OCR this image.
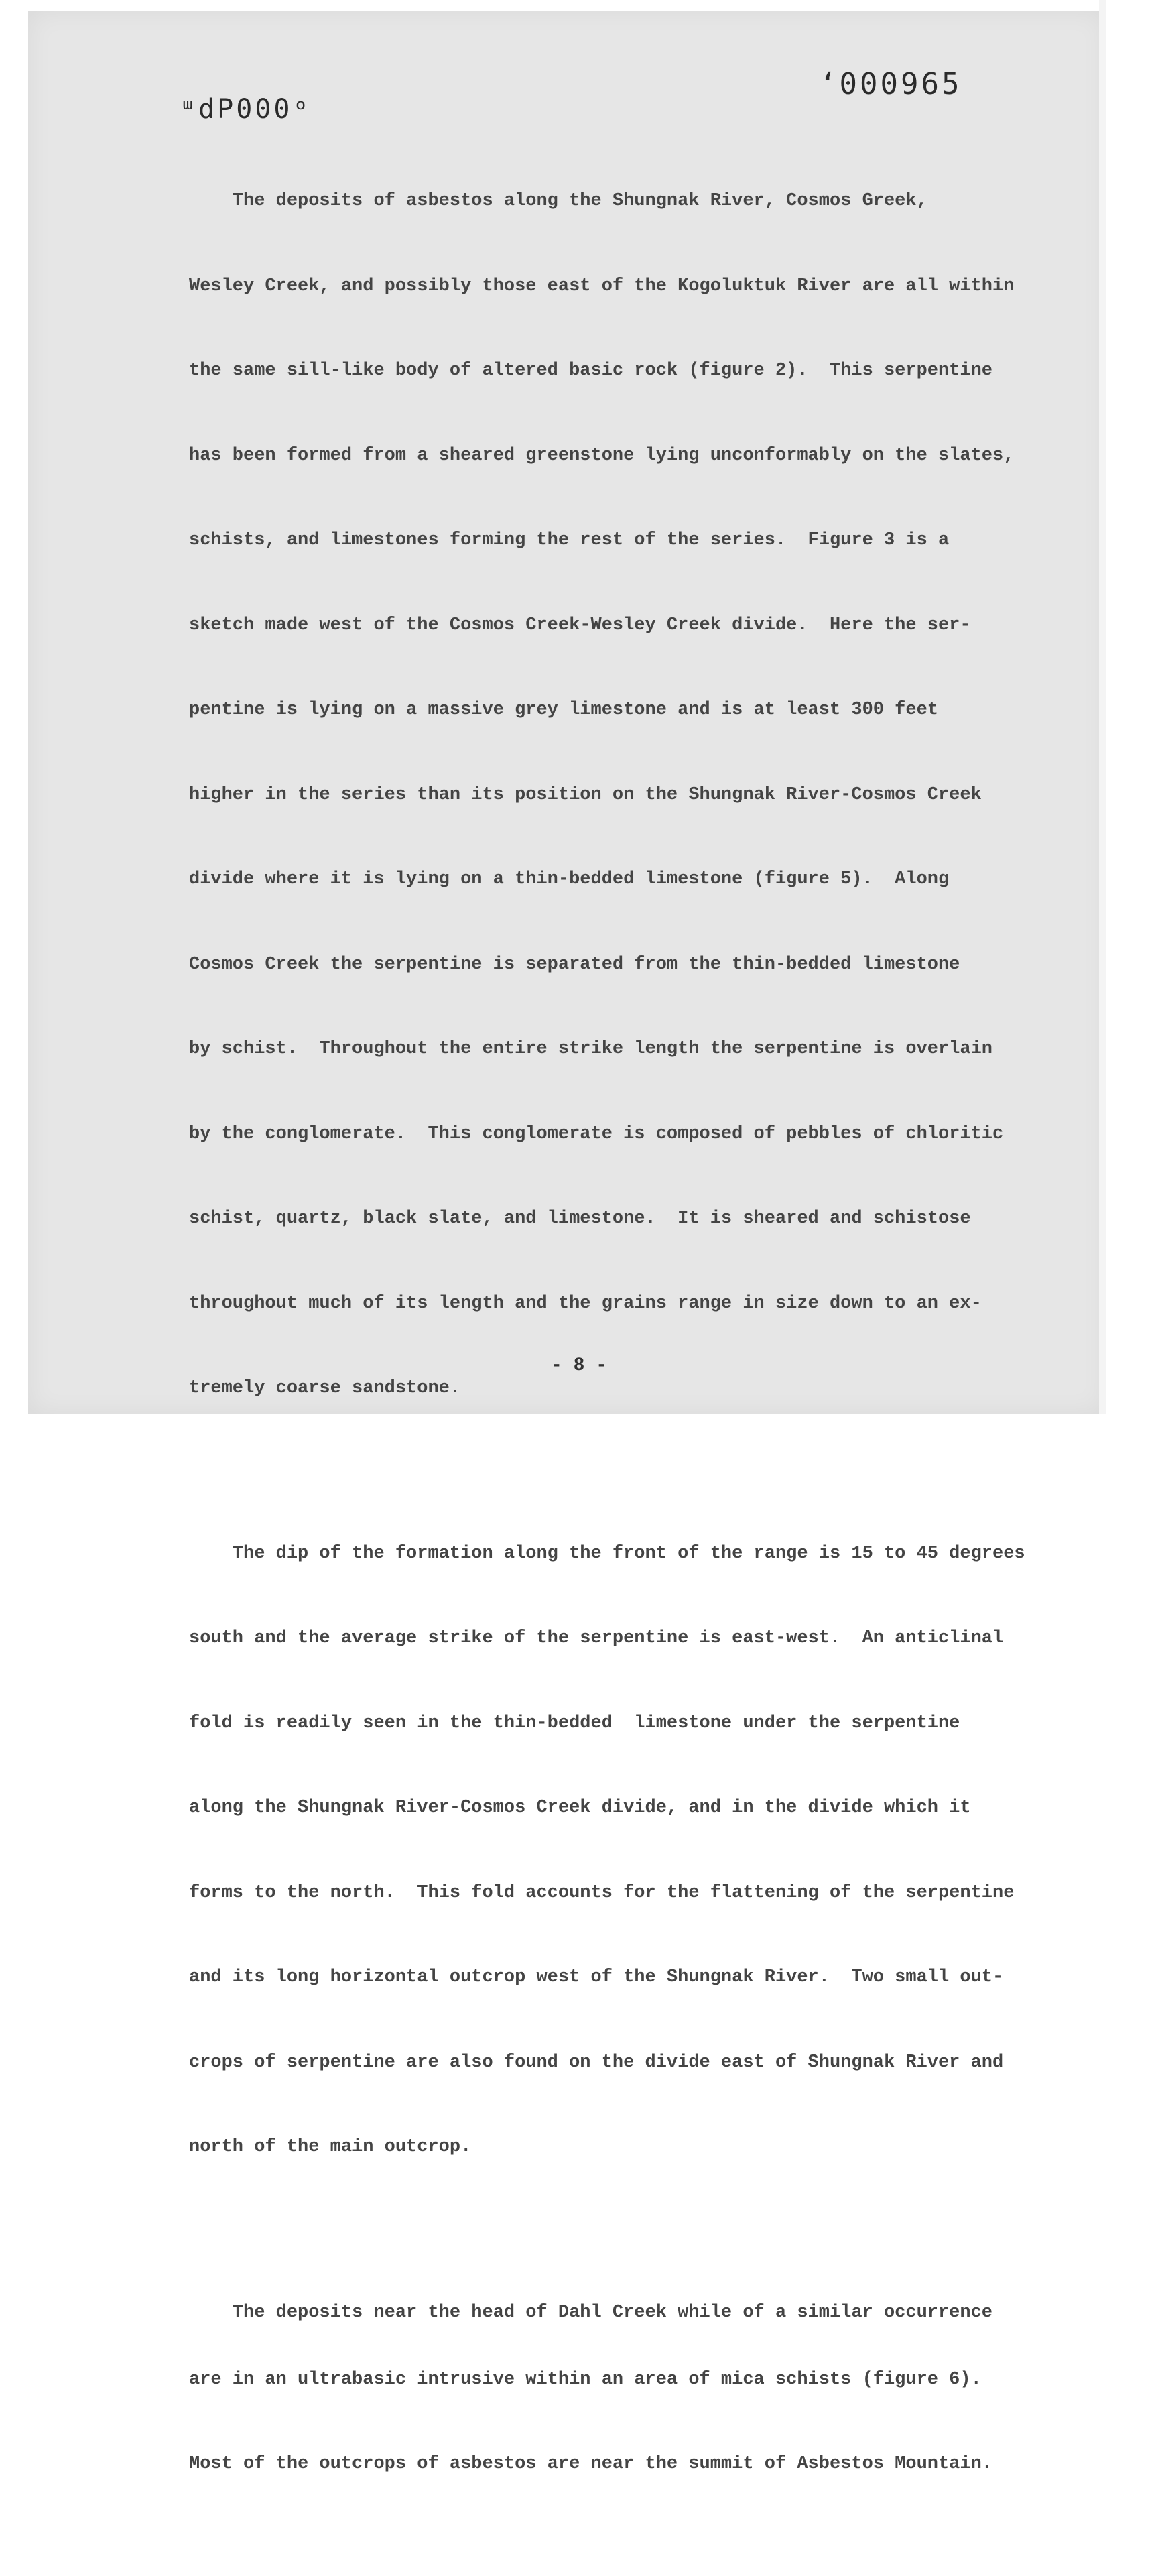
ᵚdP000ᵒ
ʻ000965

The deposits of asbestos along the Shungnak River, Cosmos Greek,

Wesley Creek, and possibly those east of the Kogoluktuk River are all within

the same sill-like body of altered basic rock (figure 2).  This serpentine

has been formed from a sheared greenstone lying unconformably on the slates,

schists, and limestones forming the rest of the series.  Figure 3 is a

sketch made west of the Cosmos Creek-Wesley Creek divide.  Here the ser-

pentine is lying on a massive grey limestone and is at least 300 feet

higher in the series than its position on the Shungnak River-Cosmos Creek

divide where it is lying on a thin-bedded limestone (figure 5).  Along

Cosmos Creek the serpentine is separated from the thin-bedded limestone

by schist.  Throughout the entire strike length the serpentine is overlain

by the conglomerate.  This conglomerate is composed of pebbles of chloritic

schist, quartz, black slate, and limestone.  It is sheared and schistose

throughout much of its length and the grains range in size down to an ex-

tremely coarse sandstone.

The dip of the formation along the front of the range is 15 to 45 degrees

south and the average strike of the serpentine is east-west.  An anticlinal

fold is readily seen in the thin-bedded  limestone under the serpentine

along the Shungnak River-Cosmos Creek divide, and in the divide which it

forms to the north.  This fold accounts for the flattening of the serpentine

and its long horizontal outcrop west of the Shungnak River.  Two small out-

crops of serpentine are also found on the divide east of Shungnak River and

north of the main outcrop.

The deposits near the head of Dahl Creek while of a similar occurrence

are in an ultrabasic intrusive within an area of mica schists (figure 6).

Most of the outcrops of asbestos are near the summit of Asbestos Mountain.

- 8 -
